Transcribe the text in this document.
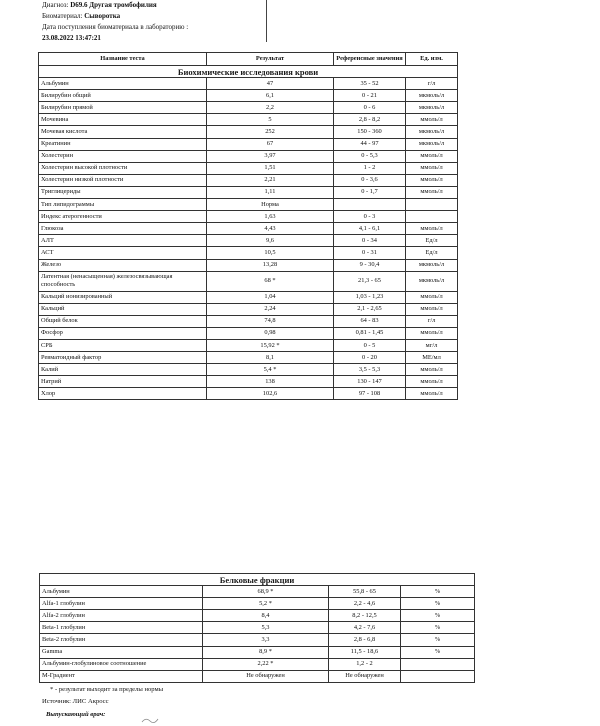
Диагноз: D69.6 Другая тромбофилия
Биоматериал: Сыворотка
Дата поступления биоматериала в лабораторию :
23.08.2022 13:47:21
Название теста	Результат	Референсные значения	Ед. изм.
Биохимические исследования крови			
Альбумин	47	35 - 52	г/л
Билирубин общий	6,1	0 - 21	мкмоль/л
Билирубин прямой	2,2	0 - 6	мкмоль/л
Мочевина	5	2,8 - 8,2	ммоль/л
Мочевая кислота	252	150 - 360	мкмоль/л
Креатинин	67	44 - 97	мкмоль/л
Холестерин	3,97	0 - 5,3	ммоль/л
Холестерин высокой плотности	1,51	1 - 2	ммоль/л
Холестерин низкой плотности	2,21	0 - 3,6	ммоль/л
Триглицериды	1,11	0 - 1,7	ммоль/л
Тип липидограммы	Норма		
Индекс атерогенности	1,63	0 - 3	
Глюкоза	4,43	4,1 - 6,1	ммоль/л
АЛТ	9,6	0 - 34	Ед/л
АСТ	10,5	0 - 31	Ед/л
Железо	13,28	9 - 30,4	мкмоль/л
Латентная (ненасыщенная) железосвязывающая способность	68 *	21,3 - 65	мкмоль/л
Кальций ионизированный	1,04	1,03 - 1,23	ммоль/л
Кальций	2,24	2,1 - 2,65	ммоль/л
Общий белок	74,8	64 - 83	г/л
Фосфор	0,98	0,81 - 1,45	ммоль/л
СРБ	15,92 *	0 - 5	мг/л
Ревматоидный фактор	8,1	0 - 20	МЕ/мл
Калий	5,4 *	3,5 - 5,3	ммоль/л
Натрий	138	130 - 147	ммоль/л
Хлор	102,6	97 - 108	ммоль/л
Белковые фракции			
Альбумин	68,9 *	55,8 - 65	%
Alfa-1 глобулин	5,2 *	2,2 - 4,6	%
Alfa-2 глобулин	8,4	8,2 - 12,5	%
Beta-1 глобулин	5,3	4,2 - 7,6	%
Beta-2 глобулин	3,3	2,8 - 6,8	%
Gamma	8,9 *	11,5 - 18,6	%
Альбумин-глобулиновое соотношение	2,22 *	1,2 - 2	
М-Градиент	Не обнаружен	Не обнаружен	
* - результат выходит за пределы нормы
Источник: ЛИС Акросс
Выпускающий врач:
